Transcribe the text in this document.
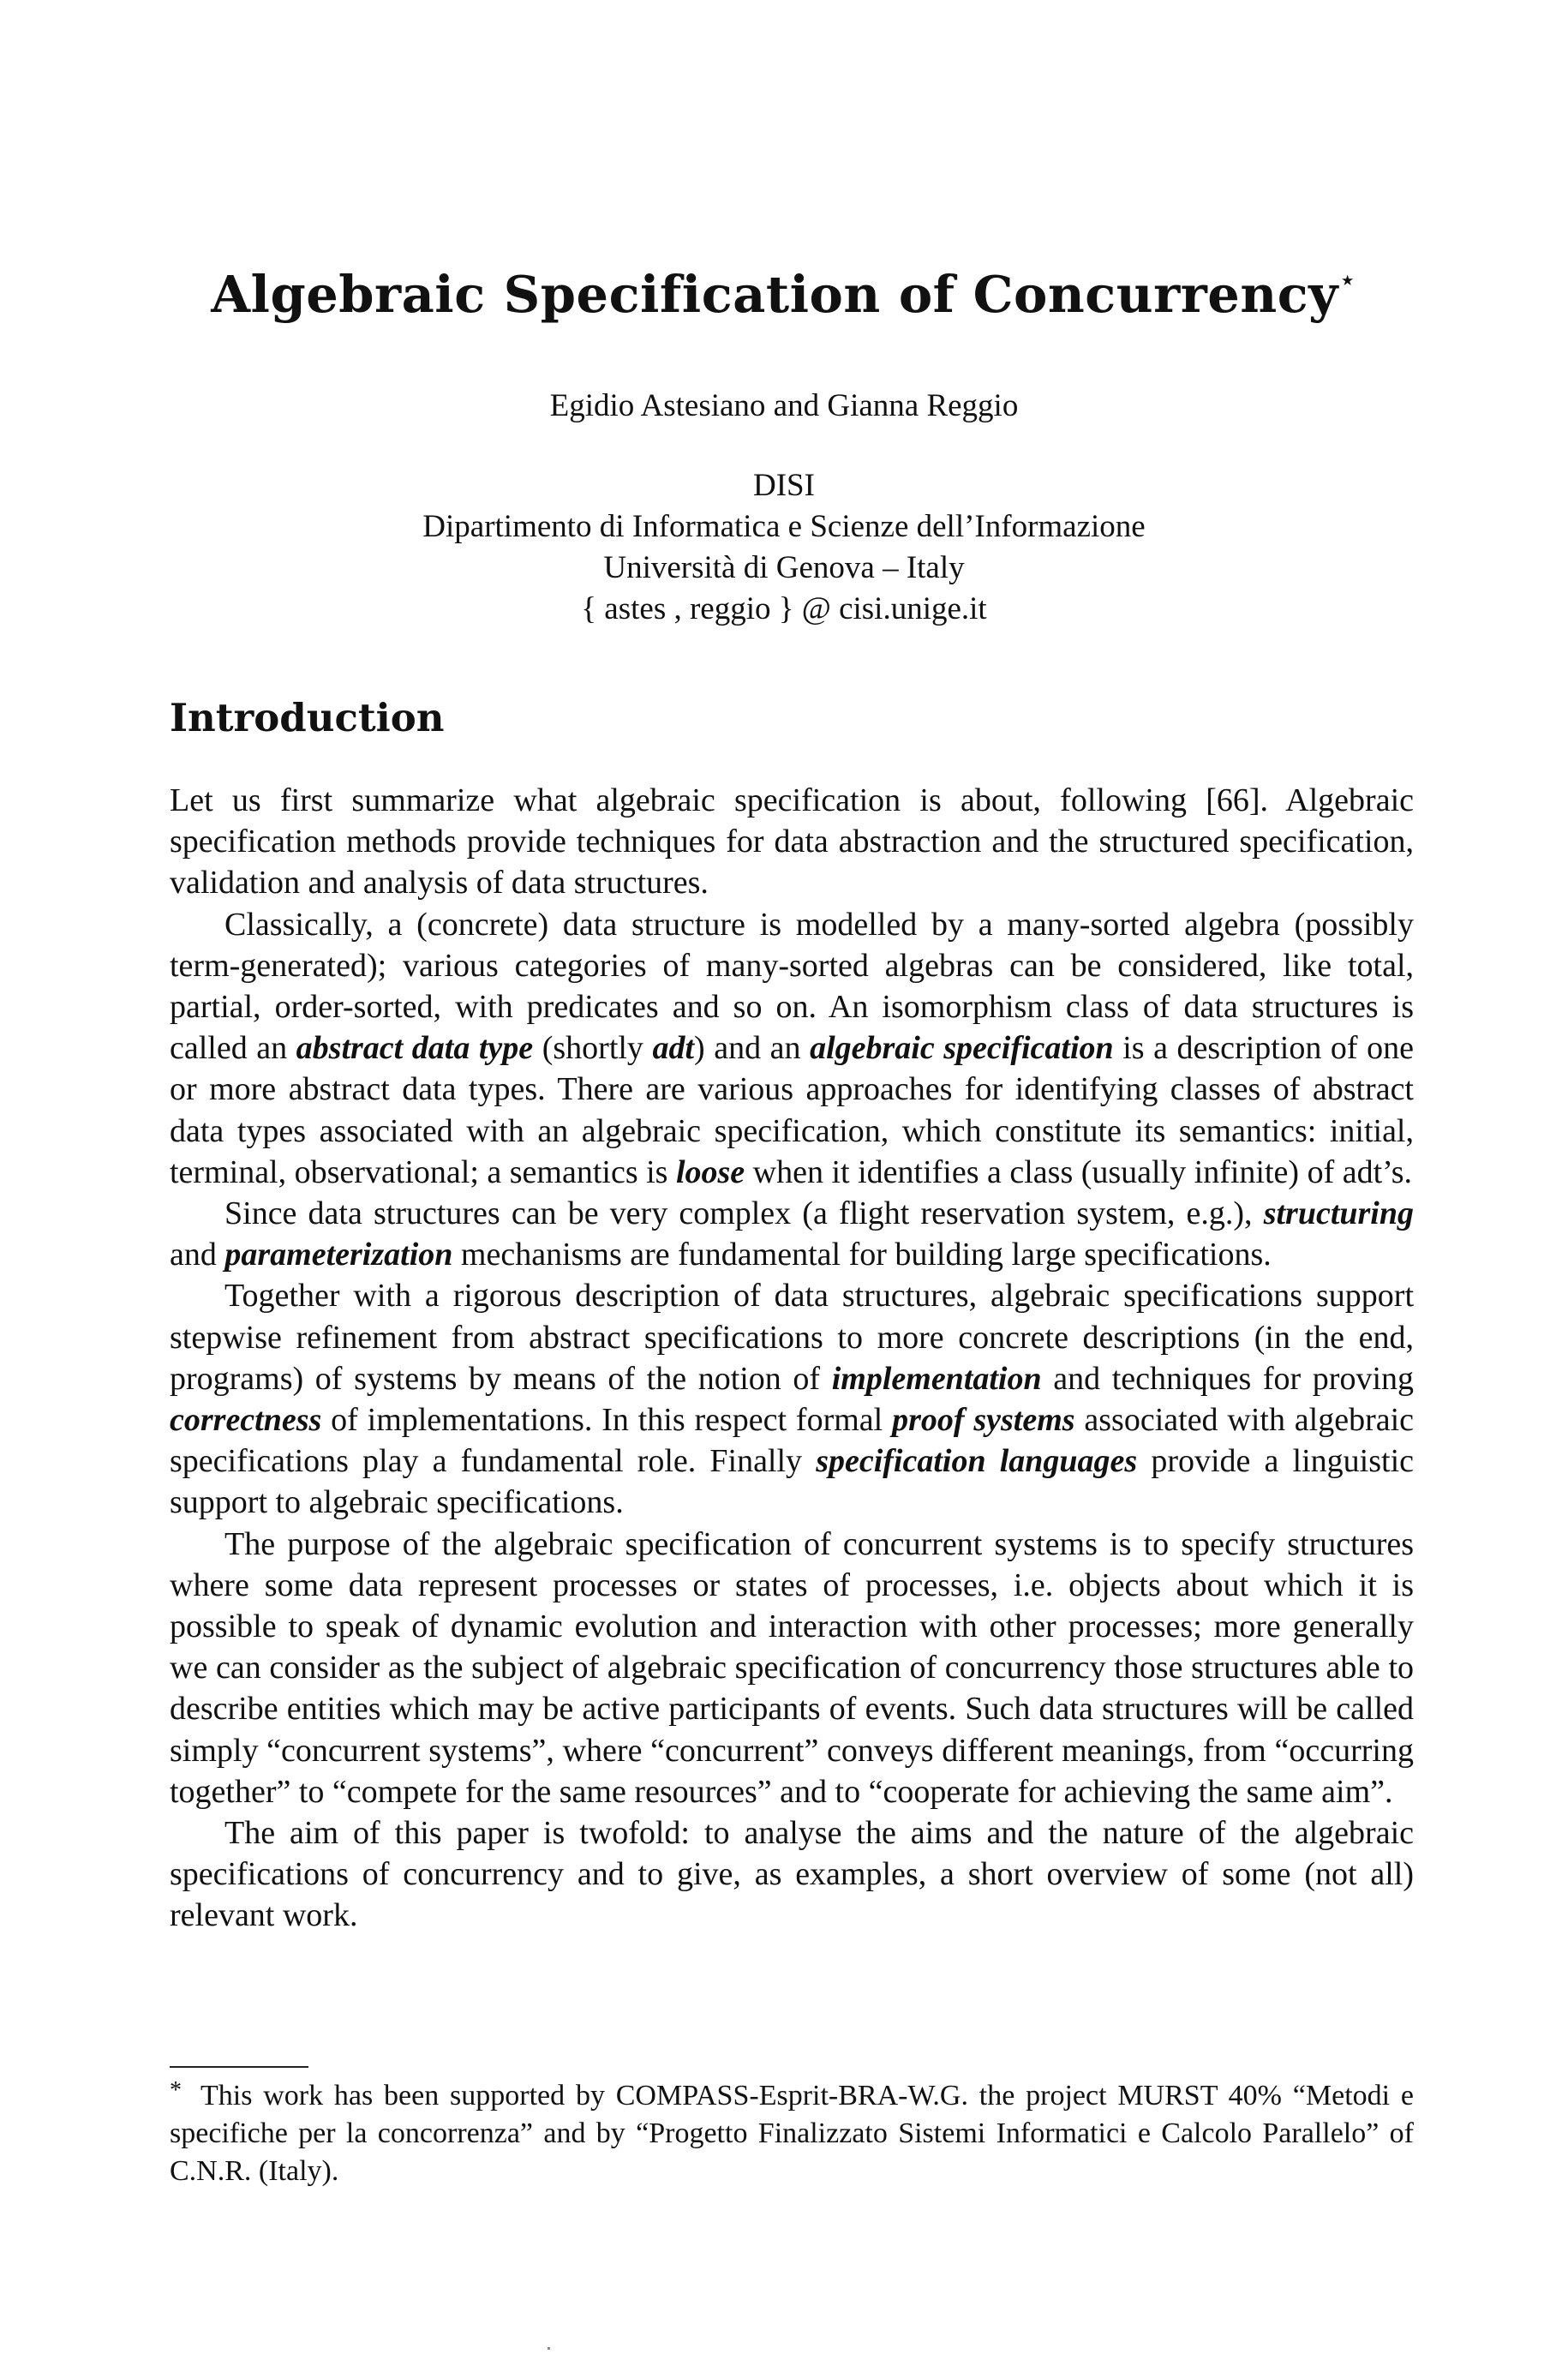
Algebraic Specification of Concurrency⋆
Egidio Astesiano and Gianna Reggio
DISI
Dipartimento di Informatica e Scienze dell’Informazione
Università di Genova – Italy
{ astes , reggio } @ cisi.unige.it
Introduction

Let us first summarize what algebraic specification is about, following [66]. Algebraic specification methods provide techniques for data abstraction and the structured specification, validation and analysis of data structures.

Classically, a (concrete) data structure is modelled by a many-sorted algebra (possibly term-generated); various categories of many-sorted algebras can be considered, like total, partial, order-sorted, with predicates and so on. An isomorphism class of data structures is called an abstract data type (shortly adt) and an algebraic specification is a description of one or more abstract data types. There are various approaches for identifying classes of abstract data types associated with an algebraic specification, which constitute its semantics: initial, terminal, observational; a semantics is loose when it identifies a class (usually infinite) of adt’s.

Since data structures can be very complex (a flight reservation system, e.g.), structuring and parameterization mechanisms are fundamental for building large specifications.

Together with a rigorous description of data structures, algebraic specifications support stepwise refinement from abstract specifications to more concrete descriptions (in the end, programs) of systems by means of the notion of implementation and techniques for proving correctness of implementations. In this respect formal proof systems associated with algebraic specifications play a fundamental role. Finally specification languages provide a linguistic support to algebraic specifications.

The purpose of the algebraic specification of concurrent systems is to specify structures where some data represent processes or states of processes, i.e. objects about which it is possible to speak of dynamic evolution and interaction with other processes; more generally we can consider as the subject of algebraic specification of concurrency those structures able to describe entities which may be active participants of events. Such data structures will be called simply “concurrent systems”, where “concurrent” conveys different meanings, from “occurring together” to “compete for the same resources” and to “cooperate for achieving the same aim”.

The aim of this paper is twofold: to analyse the aims and the nature of the algebraic specifications of concurrency and to give, as examples, a short overview of some (not all) relevant work.

* This work has been supported by COMPASS-Esprit-BRA-W.G. the project MURST 40% “Metodi e specifiche per la concorrenza” and by “Progetto Finalizzato Sistemi Informatici e Calcolo Parallelo” of C.N.R. (Italy).
